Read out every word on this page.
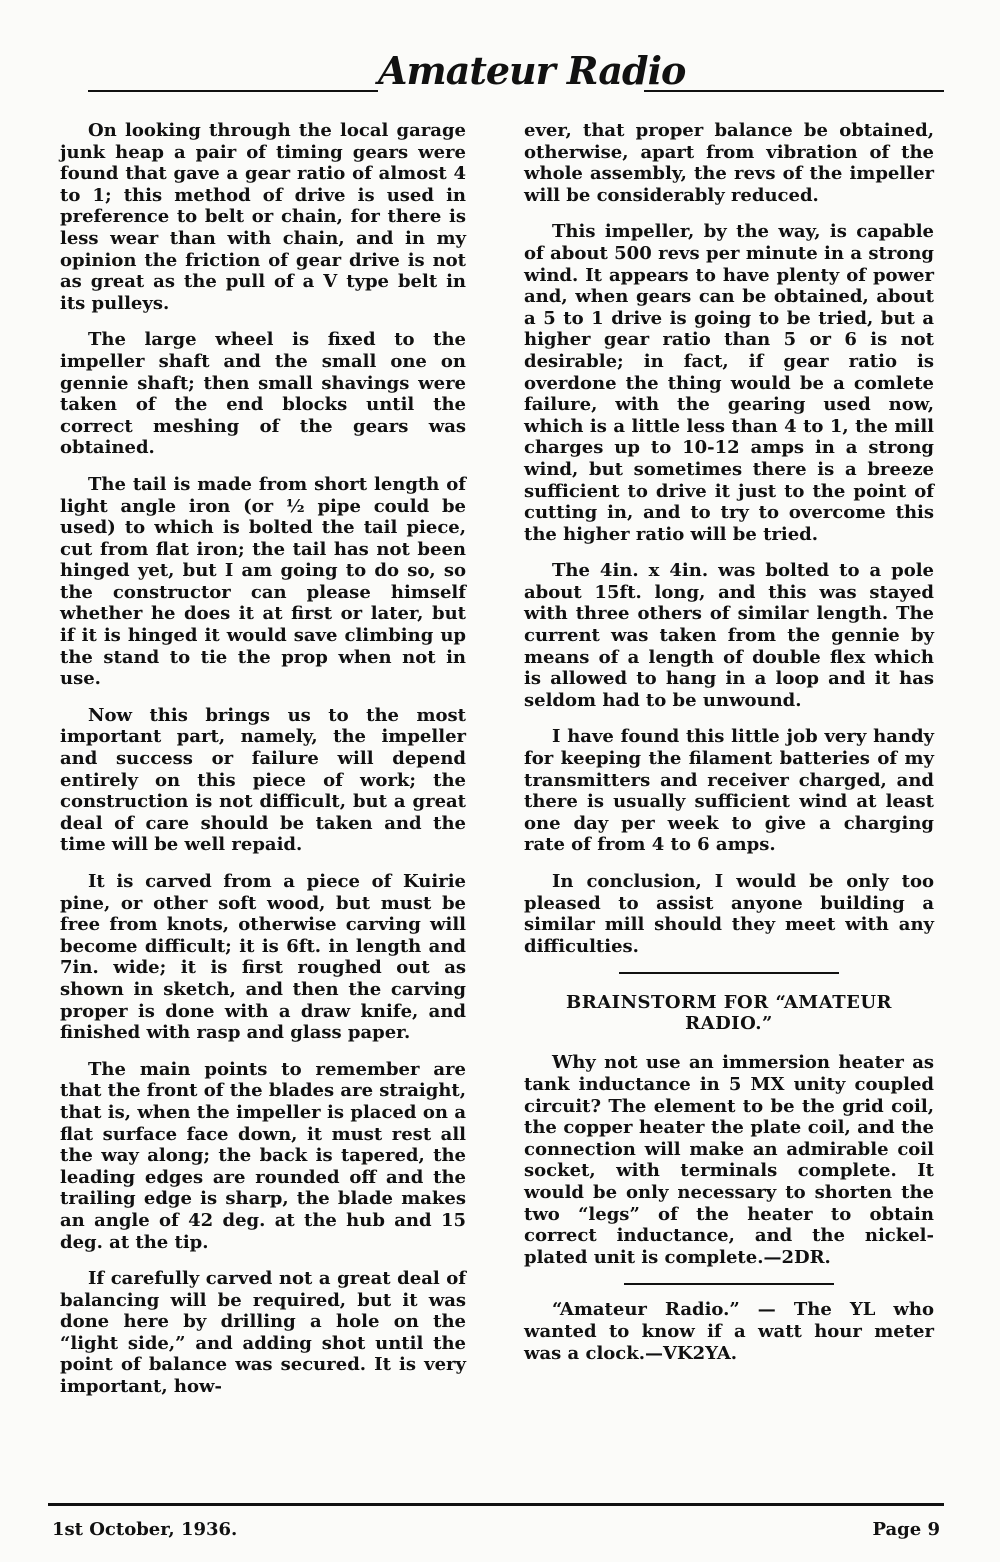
Amateur Radio

On looking through the local garage junk heap a pair of timing gears were found that gave a gear ratio of almost 4 to 1; this method of drive is used in preference to belt or chain, for there is less wear than with chain, and in my opinion the friction of gear drive is not as great as the pull of a V type belt in its pulleys.

The large wheel is fixed to the impeller shaft and the small one on gennie shaft; then small shavings were taken of the end blocks until the correct meshing of the gears was obtained.

The tail is made from short length of light angle iron (or ½ pipe could be used) to which is bolted the tail piece, cut from flat iron; the tail has not been hinged yet, but I am going to do so, so the constructor can please himself whether he does it at first or later, but if it is hinged it would save climbing up the stand to tie the prop when not in use.

Now this brings us to the most important part, namely, the impeller and success or failure will depend entirely on this piece of work; the construction is not difficult, but a great deal of care should be taken and the time will be well repaid.

It is carved from a piece of Kuirie pine, or other soft wood, but must be free from knots, otherwise carving will become difficult; it is 6ft. in length and 7in. wide; it is first roughed out as shown in sketch, and then the carving proper is done with a draw knife, and finished with rasp and glass paper.

The main points to remember are that the front of the blades are straight, that is, when the impeller is placed on a flat surface face down, it must rest all the way along; the back is tapered, the leading edges are rounded off and the trailing edge is sharp, the blade makes an angle of 42 deg. at the hub and 15 deg. at the tip.

If carefully carved not a great deal of balancing will be required, but it was done here by drilling a hole on the “light side,” and adding shot until the point of balance was secured. It is very important, how-

ever, that proper balance be obtained, otherwise, apart from vibration of the whole assembly, the revs of the impeller will be considerably reduced.

This impeller, by the way, is capable of about 500 revs per minute in a strong wind. It appears to have plenty of power and, when gears can be obtained, about a 5 to 1 drive is going to be tried, but a higher gear ratio than 5 or 6 is not desirable; in fact, if gear ratio is overdone the thing would be a comlete failure, with the gearing used now, which is a little less than 4 to 1, the mill charges up to 10-12 amps in a strong wind, but sometimes there is a breeze sufficient to drive it just to the point of cutting in, and to try to overcome this the higher ratio will be tried.

The 4in. x 4in. was bolted to a pole about 15ft. long, and this was stayed with three others of similar length. The current was taken from the gennie by means of a length of double flex which is allowed to hang in a loop and it has seldom had to be unwound.

I have found this little job very handy for keeping the filament batteries of my transmitters and receiver charged, and there is usually sufficient wind at least one day per week to give a charging rate of from 4 to 6 amps.

In conclusion, I would be only too pleased to assist anyone building a similar mill should they meet with any difficulties.

BRAINSTORM FOR “AMATEUR RADIO.”

Why not use an immersion heater as tank inductance in 5 MX unity coupled circuit? The element to be the grid coil, the copper heater the plate coil, and the connection will make an admirable coil socket, with terminals complete. It would be only necessary to shorten the two “legs” of the heater to obtain correct inductance, and the nickel-plated unit is complete.—2DR.

“Amateur Radio.” — The YL who wanted to know if a watt hour meter was a clock.—VK2YA.

1st October, 1936.	Page 9
